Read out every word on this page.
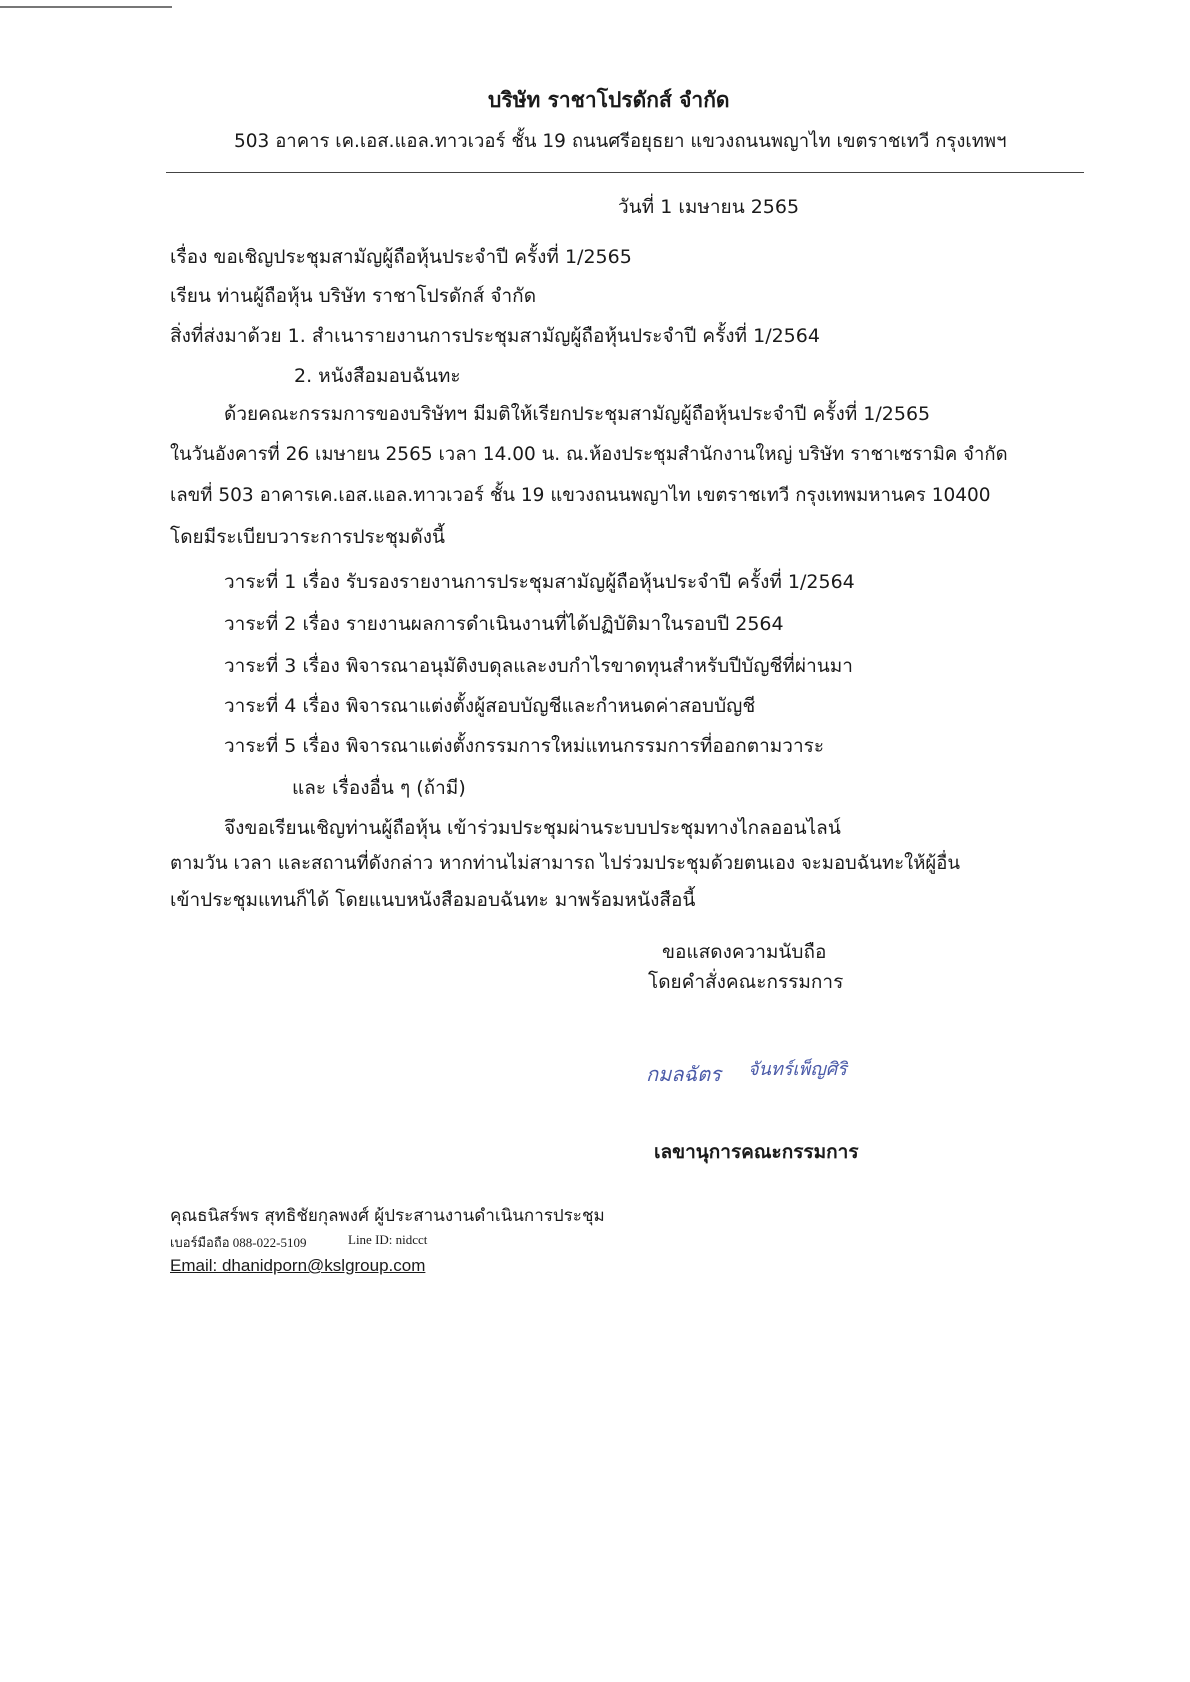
บริษัท ราชาโปรดักส์ จำกัด
503 อาคาร เค.เอส.แอล.ทาวเวอร์ ชั้น 19 ถนนศรีอยุธยา แขวงถนนพญาไท เขตราชเทวี กรุงเทพฯ
วันที่ 1 เมษายน 2565
เรื่อง ขอเชิญประชุมสามัญผู้ถือหุ้นประจำปี ครั้งที่ 1/2565
เรียน ท่านผู้ถือหุ้น บริษัท ราชาโปรดักส์ จำกัด
สิ่งที่ส่งมาด้วย 1. สำเนารายงานการประชุมสามัญผู้ถือหุ้นประจำปี ครั้งที่ 1/2564
2. หนังสือมอบฉันทะ
ด้วยคณะกรรมการของบริษัทฯ มีมติให้เรียกประชุมสามัญผู้ถือหุ้นประจำปี ครั้งที่ 1/2565
ในวันอังคารที่ 26 เมษายน 2565 เวลา 14.00 น. ณ.ห้องประชุมสำนักงานใหญ่ บริษัท ราชาเซรามิค จำกัด
เลขที่ 503 อาคารเค.เอส.แอล.ทาวเวอร์ ชั้น 19 แขวงถนนพญาไท เขตราชเทวี กรุงเทพมหานคร 10400
โดยมีระเบียบวาระการประชุมดังนี้
วาระที่ 1 เรื่อง รับรองรายงานการประชุมสามัญผู้ถือหุ้นประจำปี ครั้งที่ 1/2564
วาระที่ 2 เรื่อง รายงานผลการดำเนินงานที่ได้ปฏิบัติมาในรอบปี 2564
วาระที่ 3 เรื่อง พิจารณาอนุมัติงบดุลและงบกำไรขาดทุนสำหรับปีบัญชีที่ผ่านมา
วาระที่ 4 เรื่อง พิจารณาแต่งตั้งผู้สอบบัญชีและกำหนดค่าสอบบัญชี
วาระที่ 5 เรื่อง พิจารณาแต่งตั้งกรรมการใหม่แทนกรรมการที่ออกตามวาระ
และ เรื่องอื่น ๆ (ถ้ามี)
จึงขอเรียนเชิญท่านผู้ถือหุ้น เข้าร่วมประชุมผ่านระบบประชุมทางไกลออนไลน์
ตามวัน เวลา และสถานที่ดังกล่าว หากท่านไม่สามารถ ไปร่วมประชุมด้วยตนเอง จะมอบฉันทะให้ผู้อื่น
เข้าประชุมแทนก็ได้ โดยแนบหนังสือมอบฉันทะ มาพร้อมหนังสือนี้
ขอแสดงความนับถือ
โดยคำสั่งคณะกรรมการ
กมลฉัตร จันทร์เพ็ญศิริ
เลขานุการคณะกรรมการ
คุณธนิสร์พร สุทธิชัยกุลพงศ์ ผู้ประสานงานดำเนินการประชุม
เบอร์มือถือ 088-022-5109	Line ID: nidcct
Email: dhanidporn@kslgroup.com
